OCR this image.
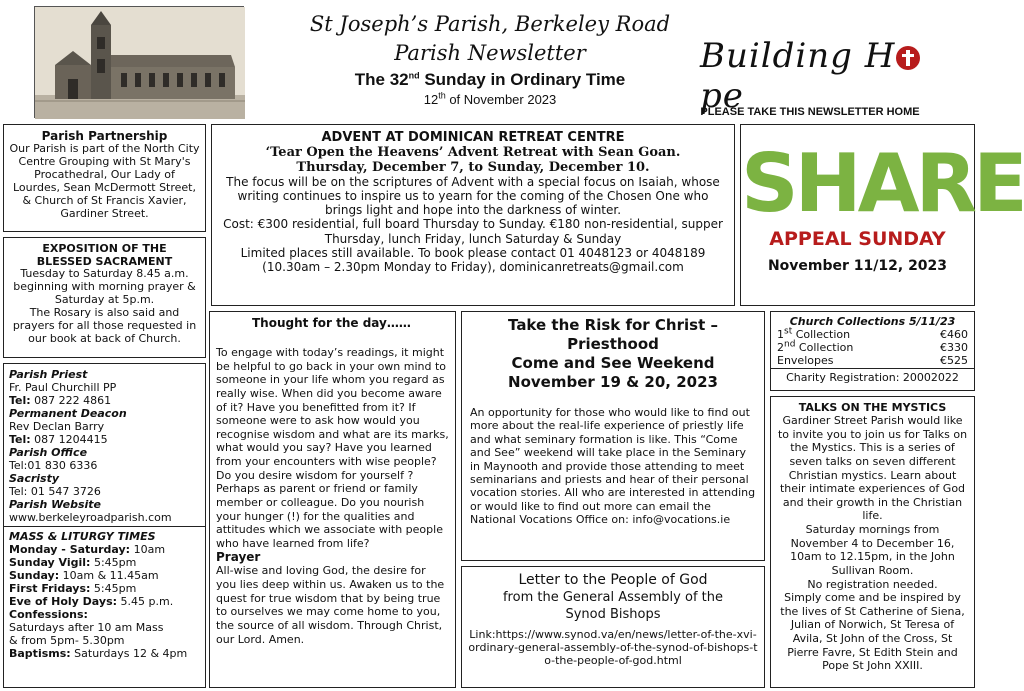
St Joseph’s Parish, Berkeley Road
Parish Newsletter
The 32nd Sunday in Ordinary Time
12th of November 2023
Building H
pe
PLEASE TAKE THIS NEWSLETTER HOME
Parish Partnership

Our Parish is part of the North City Centre Grouping with St Mary's Procathedral, Our Lady of Lourdes, Sean McDermott Street, & Church of St Francis Xavier, Gardiner Street.

EXPOSITION OF THE
BLESSED SACRAMENT

Tuesday to Saturday 8.45 a.m. beginning with morning prayer & Saturday at 5p.m.

The Rosary is also said and prayers for all those requested in our book at back of Church.

Parish Priest
Fr. Paul Churchill PP
Tel: 087 222 4861
Permanent Deacon
Rev Declan Barry
Tel: 087 1204415
Parish Office
Tel:01 830 6336
Sacristy
Tel: 01 547 3726
Parish Website
www.berkeleyroadparish.com
MASS & LITURGY TIMES
Monday - Saturday: 10am
Sunday Vigil: 5:45pm
Sunday: 10am & 11.45am
First Fridays: 5:45pm
Eve of Holy Days: 5.45 p.m.
Confessions:
Saturdays after 10 am Mass
& from 5pm- 5.30pm
Baptisms: Saturdays 12 & 4pm
ADVENT AT DOMINICAN RETREAT CENTRE
‘Tear Open the Heavens’ Advent Retreat with Sean Goan.
Thursday, December 7, to Sunday, December 10.

The focus will be on the scriptures of Advent with a special focus on Isaiah, whose writing continues to inspire us to yearn for the coming of the Chosen One who brings light and hope into the darkness of winter.

Cost: €300 residential, full board Thursday to Sunday. €180 non-residential, supper Thursday, lunch Friday, lunch Saturday & Sunday

Limited places still available. To book please contact 01 4048123 or 4048189 (10.30am – 2.30pm Monday to Friday), dominicanretreats@gmail.com

SHARE
APPEAL SUNDAY
November 11/12, 2023
Thought for the day……

To engage with today’s readings, it might be helpful to go back in your own mind to someone in your life whom you regard as really wise. When did you become aware of it? Have you benefitted from it? If someone were to ask how would you recognise wisdom and what are its marks, what would you say? Have you learned from your encounters with wise people? Do you desire wisdom for yourself ? Perhaps as parent or friend or family member or colleague. Do you nourish your hunger (!) for the qualities and attitudes which we associate with people who have learned from life?

Prayer

All-wise and loving God, the desire for you lies deep within us. Awaken us to the quest for true wisdom that by being true to ourselves we may come home to you, the source of all wisdom. Through Christ, our Lord. Amen.

Take the Risk for Christ –
Priesthood
Come and See Weekend
November 19 & 20, 2023

An opportunity for those who would like to find out more about the real-life experience of priestly life and what seminary formation is like. This “Come and See” weekend will take place in the Seminary in Maynooth and provide those attending to meet seminarians and priests and hear of their personal vocation stories. All who are interested in attending or would like to find out more can email the National Vocations Office on: info@vocations.ie

Letter to the People of God
from the General Assembly of the
Synod Bishops

Link:https://www.synod.va/en/news/letter-of-the-xvi-ordinary-general-assembly-of-the-synod-of-bishops-to-the-people-of-god.html

Church Collections 5/11/23
1st Collection	€460
2nd Collection	€330
Envelopes	€525
Charity Registration: 20002022
TALKS ON THE MYSTICS

Gardiner Street Parish would like to invite you to join us for Talks on the Mystics. This is a series of seven talks on seven different Christian mystics. Learn about their intimate experiences of God and their growth in the Christian life.

Saturday mornings from November 4 to December 16, 10am to 12.15pm, in the John Sullivan Room.

No registration needed.

Simply come and be inspired by the lives of St Catherine of Siena, Julian of Norwich, St Teresa of Avila, St John of the Cross, St Pierre Favre, St Edith Stein and Pope St John XXIII.
